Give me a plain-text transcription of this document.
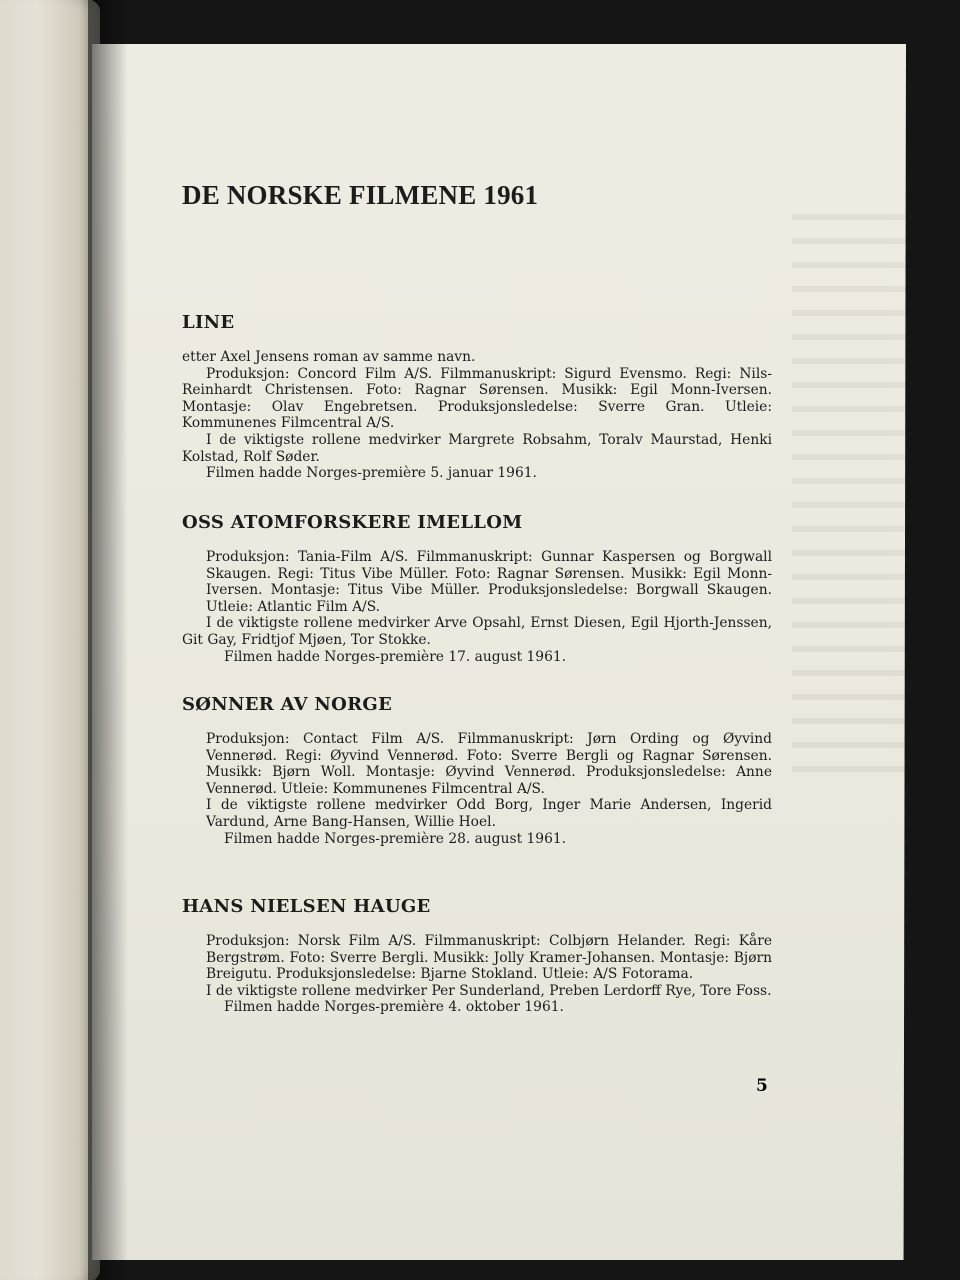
DE NORSKE FILMENE 1961
LINE

etter Axel Jensens roman av samme navn.

Produksjon: Concord Film A/S. Filmmanuskript: Sigurd Evensmo. Regi: Nils-Reinhardt Christensen. Foto: Ragnar Sørensen. Musikk: Egil Monn-Iversen. Montasje: Olav Engebretsen. Produksjonsledelse: Sverre Gran. Utleie: Kommunenes Filmcentral A/S.

I de viktigste rollene medvirker Margrete Robsahm, Toralv Maurstad, Henki Kolstad, Rolf Søder.

Filmen hadde Norges-première 5. januar 1961.

OSS ATOMFORSKERE IMELLOM

Produksjon: Tania-Film A/S. Filmmanuskript: Gunnar Kaspersen og Borgwall Skaugen. Regi: Titus Vibe Müller. Foto: Ragnar Sørensen. Musikk: Egil Monn-Iversen. Montasje: Titus Vibe Müller. Produksjonsledelse: Borgwall Skaugen. Utleie: Atlantic Film A/S.

I de viktigste rollene medvirker Arve Opsahl, Ernst Diesen, Egil Hjorth-Jenssen, Git Gay, Fridtjof Mjøen, Tor Stokke.

Filmen hadde Norges-première 17. august 1961.

SØNNER AV NORGE

Produksjon: Contact Film A/S. Filmmanuskript: Jørn Ording og Øyvind Vennerød. Regi: Øyvind Vennerød. Foto: Sverre Bergli og Ragnar Sørensen. Musikk: Bjørn Woll. Montasje: Øyvind Vennerød. Produksjonsledelse: Anne Vennerød. Utleie: Kommunenes Filmcentral A/S.

I de viktigste rollene medvirker Odd Borg, Inger Marie Andersen, Ingerid Vardund, Arne Bang-Hansen, Willie Hoel.

Filmen hadde Norges-première 28. august 1961.

HANS NIELSEN HAUGE

Produksjon: Norsk Film A/S. Filmmanuskript: Colbjørn Helander. Regi: Kåre Bergstrøm. Foto: Sverre Bergli. Musikk: Jolly Kramer-Johansen. Montasje: Bjørn Breigutu. Produksjonsledelse: Bjarne Stokland. Utleie: A/S Fotorama.

I de viktigste rollene medvirker Per Sunderland, Preben Lerdorff Rye, Tore Foss.

Filmen hadde Norges-première 4. oktober 1961.

5
